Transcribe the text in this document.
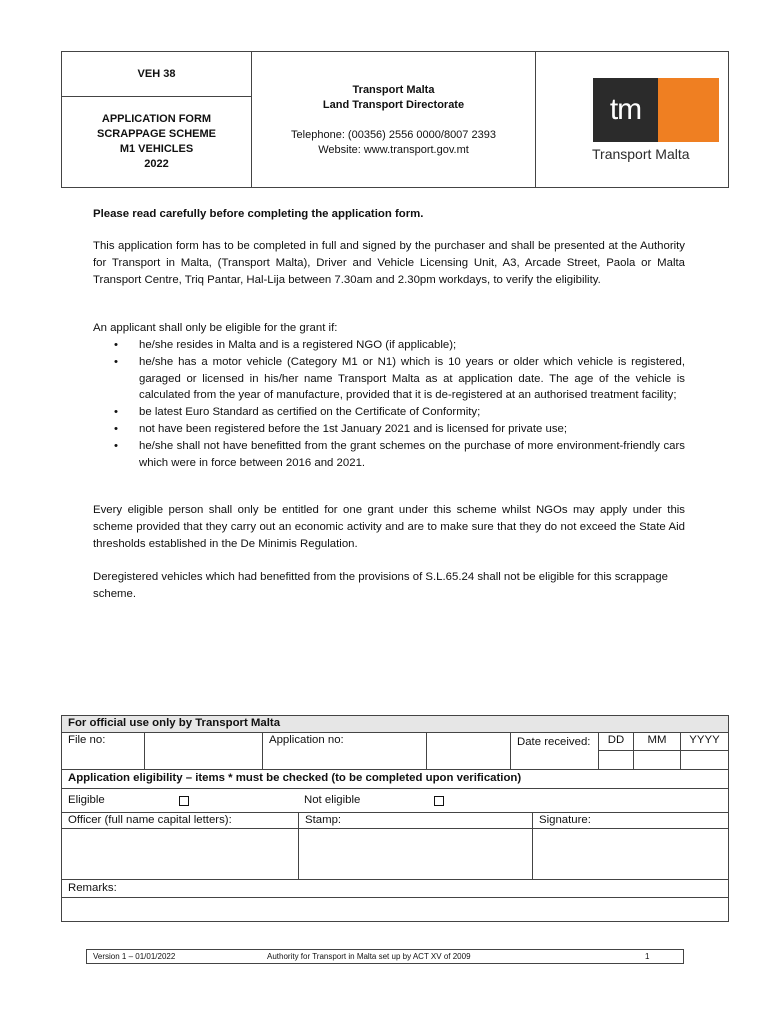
VEH 38
APPLICATION FORM
SCRAPPAGE SCHEME
M1 VEHICLES
2022
Transport Malta
Land Transport Directorate
Telephone: (00356) 2556 0000/8007 2393
Website: www.transport.gov.mt
tm
Transport Malta
Please read carefully before completing the application form.
This application form has to be completed in full and signed by the purchaser and shall be presented at the Authority for Transport in Malta, (Transport Malta), Driver and Vehicle Licensing Unit, A3, Arcade Street, Paola or Malta Transport Centre, Triq Pantar, Hal-Lija between 7.30am and 2.30pm workdays, to verify the eligibility.
An applicant shall only be eligible for the grant if:
• he/she resides in Malta and is a registered NGO (if applicable);
• he/she has a motor vehicle (Category M1 or N1) which is 10 years or older which vehicle is registered, garaged or licensed in his/her name Transport Malta as at application date. The age of the vehicle is calculated from the year of manufacture, provided that it is de-registered at an authorised treatment facility;
• be latest Euro Standard as certified on the Certificate of Conformity;
• not have been registered before the 1st January 2021 and is licensed for private use;
• he/she shall not have benefitted from the grant schemes on the purchase of more environment-friendly cars which were in force between 2016 and 2021.
Every eligible person shall only be entitled for one grant under this scheme whilst NGOs may apply under this scheme provided that they carry out an economic activity and are to make sure that they do not exceed the State Aid thresholds established in the De Minimis Regulation.
Deregistered vehicles which had benefitted from the provisions of S.L.65.24 shall not be eligible for this scrappage scheme.
For official use only by Transport Malta
File no:	Application no:	Date received:	DD	MM	YYYY
Application eligibility – items * must be checked (to be completed upon verification)
Eligible	Not eligible
Officer (full name capital letters):	Stamp:	Signature:
Remarks:
Version 1 – 01/01/2022	Authority for Transport in Malta set up by ACT XV of 2009	1
